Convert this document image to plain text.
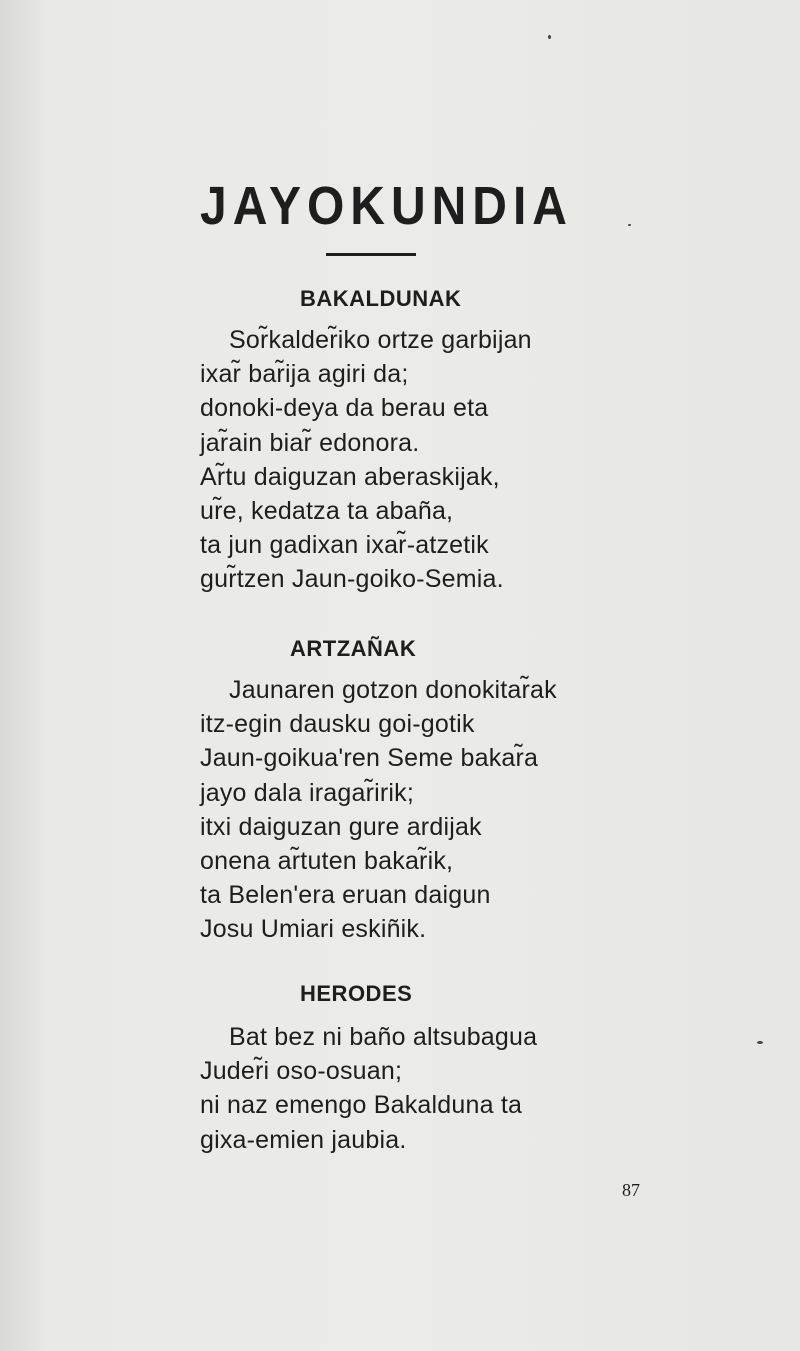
JAYOKUNDIA
BAKALDUNAK
Sor̃kalder̃iko ortze garbijan
ixar̃ bar̃ija agiri da;
donoki-deya da berau eta
jar̃ain biar̃ edonora.
Ar̃tu daiguzan aberaskijak,
ur̃e, kedatza ta abaña,
ta jun gadixan ixar̃-atzetik
gur̃tzen Jaun-goiko-Semia.
ARTZAÑAK
Jaunaren gotzon donokitar̃ak
itz-egin dausku goi-gotik
Jaun-goikua'ren Seme bakar̃a
jayo dala iragar̃irik;
itxi daiguzan gure ardijak
onena ar̃tuten bakar̃ik,
ta Belen'era eruan daigun
Josu Umiari eskiñik.
HERODES
Bat bez ni baño altsubagua
Juder̃i oso-osuan;
ni naz emengo Bakalduna ta
gixa-emien jaubia.
87
